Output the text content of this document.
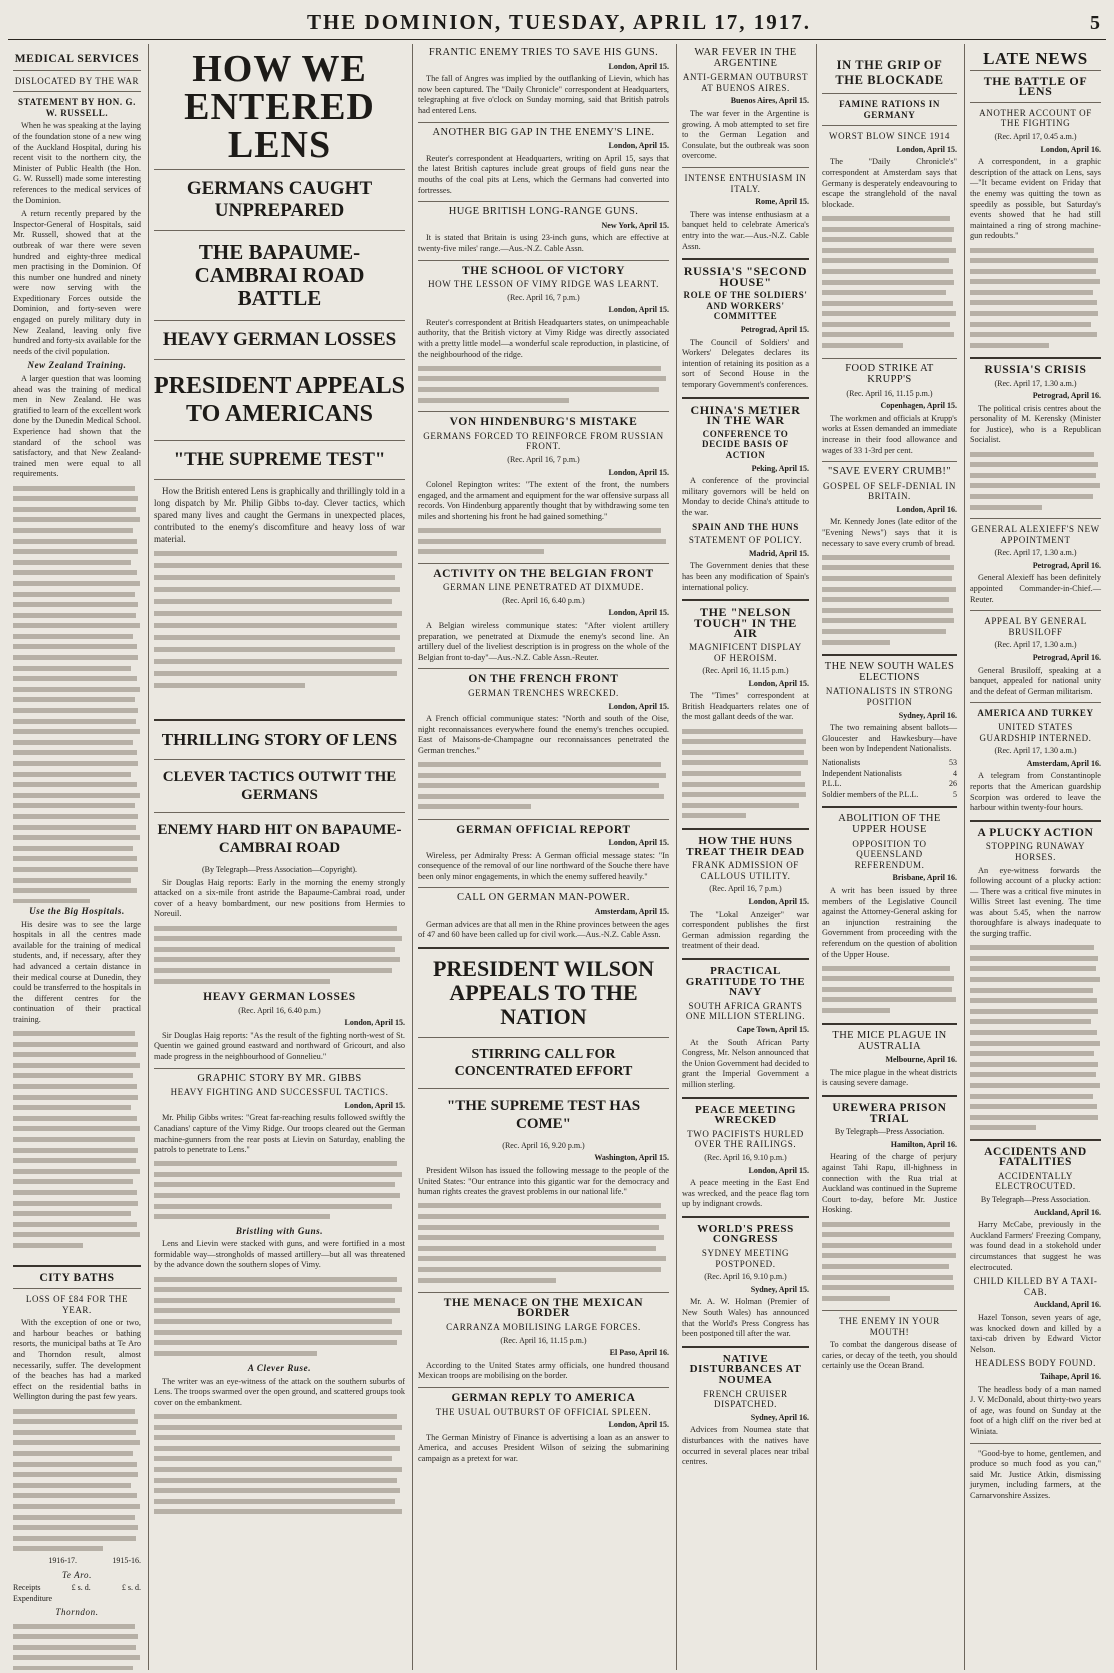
THE DOMINION, TUESDAY, APRIL 17, 1917.	5
MEDICAL SERVICES
DISLOCATED BY THE WAR
STATEMENT BY HON. G. W. RUSSELL.

When he was speaking at the laying of the foundation stone of a new wing of the Auckland Hospital, during his recent visit to the northern city, the Minister of Public Health (the Hon. G. W. Russell) made some interesting references to the medical services of the Dominion.

A return recently prepared by the Inspector-General of Hospitals, said Mr. Russell, showed that at the outbreak of war there were seven hundred and eighty-three medical men practising in the Dominion. Of this number one hundred and ninety were now serving with the Expeditionary Forces outside the Dominion, and forty-seven were engaged on purely military duty in New Zealand, leaving only five hundred and forty-six available for the needs of the civil population.

New Zealand Training.

A larger question that was looming ahead was the training of medical men in New Zealand. He was gratified to learn of the excellent work done by the Dunedin Medical School. Experience had shown that the standard of the school was satisfactory, and that New Zealand-trained men were equal to all requirements.

Use the Big Hospitals.

His desire was to see the large hospitals in all the centres made available for the training of medical students, and, if necessary, after they had advanced a certain distance in their medical course at Dunedin, they could be transferred to the hospitals in the different centres for the continuation of their practical training.

CITY BATHS
LOSS OF £84 FOR THE YEAR.

With the exception of one or two, and harbour beaches or bathing resorts, the municipal baths at Te Aro and Thorndon result, almost necessarily, suffer. The development of the beaches has had a marked effect on the residential baths in Wellington during the past few years.

1916-17.	1915-16.
Te Aro.
Receipts	£ s. d.	£ s. d.
Expenditure
Thorndon.
HOW WE ENTERED LENS
GERMANS CAUGHT UNPREPARED
THE BAPAUME-CAMBRAI ROAD BATTLE
HEAVY GERMAN LOSSES
PRESIDENT APPEALS TO AMERICANS
"THE SUPREME TEST"

How the British entered Lens is graphically and thrillingly told in a long dispatch by Mr. Philip Gibbs to-day. Clever tactics, which spared many lives and caught the Germans in unexpected places, contributed to the enemy's discomfiture and heavy loss of war material.

THRILLING STORY OF LENS
CLEVER TACTICS OUTWIT THE GERMANS
ENEMY HARD HIT ON BAPAUME-CAMBRAI ROAD
(By Telegraph—Press Association—Copyright).

Sir Douglas Haig reports: Early in the morning the enemy strongly attacked on a six-mile front astride the Bapaume-Cambrai road, under cover of a heavy bombardment, our new positions from Hermies to Noreuil.

HEAVY GERMAN LOSSES
(Rec. April 16, 6.40 p.m.)
London, April 15.

Sir Douglas Haig reports: "As the result of the fighting north-west of St. Quentin we gained ground eastward and northward of Gricourt, and also made progress in the neighbourhood of Gonnelieu."

GRAPHIC STORY BY MR. GIBBS
HEAVY FIGHTING AND SUCCESSFUL TACTICS.
London, April 15.

Mr. Philip Gibbs writes: "Great far-reaching results followed swiftly the Canadians' capture of the Vimy Ridge. Our troops cleared out the German machine-gunners from the rear posts at Lievin on Saturday, enabling the patrols to penetrate to Lens."

Bristling with Guns.

Lens and Lievin were stacked with guns, and were fortified in a most formidable way—strongholds of massed artillery—but all was threatened by the advance down the southern slopes of Vimy.

A Clever Ruse.

The writer was an eye-witness of the attack on the southern suburbs of Lens. The troops swarmed over the open ground, and scattered groups took cover on the embankment.

FRANTIC ENEMY TRIES TO SAVE HIS GUNS.
London, April 15.

The fall of Angres was implied by the outflanking of Lievin, which has now been captured. The "Daily Chronicle" correspondent at Headquarters, telegraphing at five o'clock on Sunday morning, said that British patrols had entered Lens.

ANOTHER BIG GAP IN THE ENEMY'S LINE.
London, April 15.

Reuter's correspondent at Headquarters, writing on April 15, says that the latest British captures include great groups of field guns near the mouths of the coal pits at Lens, which the Germans had converted into fortresses.

HUGE BRITISH LONG-RANGE GUNS.
New York, April 15.

It is stated that Britain is using 23-inch guns, which are effective at twenty-five miles' range.—Aus.-N.Z. Cable Assn.

THE SCHOOL OF VICTORY
HOW THE LESSON OF VIMY RIDGE WAS LEARNT.
(Rec. April 16, 7 p.m.)
London, April 15.

Reuter's correspondent at British Headquarters states, on unimpeachable authority, that the British victory at Vimy Ridge was directly associated with a pretty little model—a wonderful scale reproduction, in plasticine, of the neighbourhood of the ridge.

VON HINDENBURG'S MISTAKE
GERMANS FORCED TO REINFORCE FROM RUSSIAN FRONT.
(Rec. April 16, 7 p.m.)
London, April 15.

Colonel Repington writes: "The extent of the front, the numbers engaged, and the armament and equipment for the war offensive surpass all records. Von Hindenburg apparently thought that by withdrawing some ten miles and shortening his front he had gained something."

ACTIVITY ON THE BELGIAN FRONT
GERMAN LINE PENETRATED AT DIXMUDE.
(Rec. April 16, 6.40 p.m.)
London, April 15.

A Belgian wireless communique states: "After violent artillery preparation, we penetrated at Dixmude the enemy's second line. An artillery duel of the liveliest description is in progress on the whole of the Belgian front to-day"—Aus.-N.Z. Cable Assn.-Reuter.

ON THE FRENCH FRONT
GERMAN TRENCHES WRECKED.
London, April 15.

A French official communique states: "North and south of the Oise, night reconnaissances everywhere found the enemy's trenches occupied. East of Maisons-de-Champagne our reconnaissances penetrated the German trenches."

GERMAN OFFICIAL REPORT
London, April 15.

Wireless, per Admiralty Press: A German official message states: "In consequence of the removal of our line northward of the Souche there have been only minor engagements, in which the enemy suffered heavily."

CALL ON GERMAN MAN-POWER.
Amsterdam, April 15.

German advices are that all men in the Rhine provinces between the ages of 47 and 60 have been called up for civil work.—Aus.-N.Z. Cable Assn.

PRESIDENT WILSON APPEALS TO THE NATION
STIRRING CALL FOR CONCENTRATED EFFORT
"THE SUPREME TEST HAS COME"
(Rec. April 16, 9.20 p.m.)
Washington, April 15.

President Wilson has issued the following message to the people of the United States: "Our entrance into this gigantic war for the democracy and human rights creates the gravest problems in our national life."

THE MENACE ON THE MEXICAN BORDER
CARRANZA MOBILISING LARGE FORCES.
(Rec. April 16, 11.15 p.m.)
El Paso, April 16.

According to the United States army officials, one hundred thousand Mexican troops are mobilising on the border.

GERMAN REPLY TO AMERICA
THE USUAL OUTBURST OF OFFICIAL SPLEEN.
London, April 15.

The German Ministry of Finance is advertising a loan as an answer to America, and accuses President Wilson of seizing the submarining campaign as a pretext for war.

WAR FEVER IN THE ARGENTINE
ANTI-GERMAN OUTBURST AT BUENOS AIRES.
Buenos Aires, April 15.

The war fever in the Argentine is growing. A mob attempted to set fire to the German Legation and Consulate, but the outbreak was soon overcome.

INTENSE ENTHUSIASM IN ITALY.
Rome, April 15.

There was intense enthusiasm at a banquet held to celebrate America's entry into the war.—Aus.-N.Z. Cable Assn.

RUSSIA'S "SECOND HOUSE"
ROLE OF THE SOLDIERS' AND WORKERS' COMMITTEE
Petrograd, April 15.

The Council of Soldiers' and Workers' Delegates declares its intention of retaining its position as a sort of Second House in the temporary Government's conferences.

CHINA'S METIER IN THE WAR
CONFERENCE TO DECIDE BASIS OF ACTION
Peking, April 15.

A conference of the provincial military governors will be held on Monday to decide China's attitude to the war.

SPAIN AND THE HUNS
STATEMENT OF POLICY.
Madrid, April 15.

The Government denies that these has been any modification of Spain's international policy.

THE "NELSON TOUCH" IN THE AIR
MAGNIFICENT DISPLAY OF HEROISM.
(Rec. April 16, 11.15 p.m.)
London, April 15.

The "Times" correspondent at British Headquarters relates one of the most gallant deeds of the war.

HOW THE HUNS TREAT THEIR DEAD
FRANK ADMISSION OF CALLOUS UTILITY.
(Rec. April 16, 7 p.m.)
London, April 15.

The "Lokal Anzeiger" war correspondent publishes the first German admission regarding the treatment of their dead.

PRACTICAL GRATITUDE TO THE NAVY
SOUTH AFRICA GRANTS ONE MILLION STERLING.
Cape Town, April 15.

At the South African Party Congress, Mr. Nelson announced that the Union Government had decided to grant the Imperial Government a million sterling.

PEACE MEETING WRECKED
TWO PACIFISTS HURLED OVER THE RAILINGS.
(Rec. April 16, 9.10 p.m.)
London, April 15.

A peace meeting in the East End was wrecked, and the peace flag torn up by indignant crowds.

WORLD'S PRESS CONGRESS
SYDNEY MEETING POSTPONED.
(Rec. April 16, 9.10 p.m.)
Sydney, April 15.

Mr. A. W. Holman (Premier of New South Wales) has announced that the World's Press Congress has been postponed till after the war.

NATIVE DISTURBANCES AT NOUMEA
FRENCH CRUISER DISPATCHED.
Sydney, April 16.

Advices from Noumea state that disturbances with the natives have occurred in several places near tribal centres.

IN THE GRIP OF THE BLOCKADE
FAMINE RATIONS IN GERMANY
WORST BLOW SINCE 1914
London, April 15.

The "Daily Chronicle's" correspondent at Amsterdam says that Germany is desperately endeavouring to escape the stranglehold of the naval blockade.

FOOD STRIKE AT KRUPP'S
(Rec. April 16, 11.15 p.m.)
Copenhagen, April 15.

The workmen and officials at Krupp's works at Essen demanded an immediate increase in their food allowance and wages of 33 1-3rd per cent.

"SAVE EVERY CRUMB!"
GOSPEL OF SELF-DENIAL IN BRITAIN.
London, April 16.

Mr. Kennedy Jones (late editor of the "Evening News") says that it is necessary to save every crumb of bread.

THE NEW SOUTH WALES ELECTIONS
NATIONALISTS IN STRONG POSITION
Sydney, April 16.

The two remaining absent ballots—Gloucester and Hawkesbury—have been won by Independent Nationalists.

Nationalists	53
Independent Nationalists	4
P.L.L.	26
Soldier members of the P.L.L.	5
ABOLITION OF THE UPPER HOUSE
OPPOSITION TO QUEENSLAND REFERENDUM.
Brisbane, April 16.

A writ has been issued by three members of the Legislative Council against the Attorney-General asking for an injunction restraining the Government from proceeding with the referendum on the question of abolition of the Upper House.

THE MICE PLAGUE IN AUSTRALIA
Melbourne, April 16.

The mice plague in the wheat districts is causing severe damage.

UREWERA PRISON TRIAL
By Telegraph—Press Association.
Hamilton, April 16.

Hearing of the charge of perjury against Tahi Rapu, ill-highness in connection with the Rua trial at Auckland was continued in the Supreme Court to-day, before Mr. Justice Hosking.

THE ENEMY IN YOUR MOUTH!

To combat the dangerous disease of caries, or decay of the teeth, you should certainly use the Ocean Brand.

LATE NEWS
THE BATTLE OF LENS
ANOTHER ACCOUNT OF THE FIGHTING
(Rec. April 17, 0.45 a.m.)
London, April 16.

A correspondent, in a graphic description of the attack on Lens, says—"It became evident on Friday that the enemy was quitting the town as speedily as possible, but Saturday's events showed that he had still maintained a ring of strong machine-gun redoubts."

RUSSIA'S CRISIS
(Rec. April 17, 1.30 a.m.)
Petrograd, April 16.

The political crisis centres about the personality of M. Kerensky (Minister for Justice), who is a Republican Socialist.

GENERAL ALEXIEFF'S NEW APPOINTMENT
(Rec. April 17, 1.30 a.m.)
Petrograd, April 16.

General Alexieff has been definitely appointed Commander-in-Chief.—Reuter.

APPEAL BY GENERAL BRUSILOFF
(Rec. April 17, 1.30 a.m.)
Petrograd, April 16.

General Brusiloff, speaking at a banquet, appealed for national unity and the defeat of German militarism.

AMERICA AND TURKEY
UNITED STATES GUARDSHIP INTERNED.
(Rec. April 17, 1.30 a.m.)
Amsterdam, April 16.

A telegram from Constantinople reports that the American guardship Scorpion was ordered to leave the harbour within twenty-four hours.

A PLUCKY ACTION
STOPPING RUNAWAY HORSES.

An eye-witness forwards the following account of a plucky action:— There was a critical five minutes in Willis Street last evening. The time was about 5.45, when the narrow thoroughfare is always inadequate to the surging traffic.

ACCIDENTS AND FATALITIES
ACCIDENTALLY ELECTROCUTED.
By Telegraph—Press Association.
Auckland, April 16.

Harry McCabe, previously in the Auckland Farmers' Freezing Company, was found dead in a stokehold under circumstances that suggest he was electrocuted.

CHILD KILLED BY A TAXI-CAB.
Auckland, April 16.

Hazel Tonson, seven years of age, was knocked down and killed by a taxi-cab driven by Edward Victor Nelson.

HEADLESS BODY FOUND.
Taihape, April 16.

The headless body of a man named J. V. McDonald, about thirty-two years of age, was found on Sunday at the foot of a high cliff on the river bed at Winiata.

"Good-bye to home, gentlemen, and produce so much food as you can," said Mr. Justice Atkin, dismissing jurymen, including farmers, at the Carnarvonshire Assizes.
